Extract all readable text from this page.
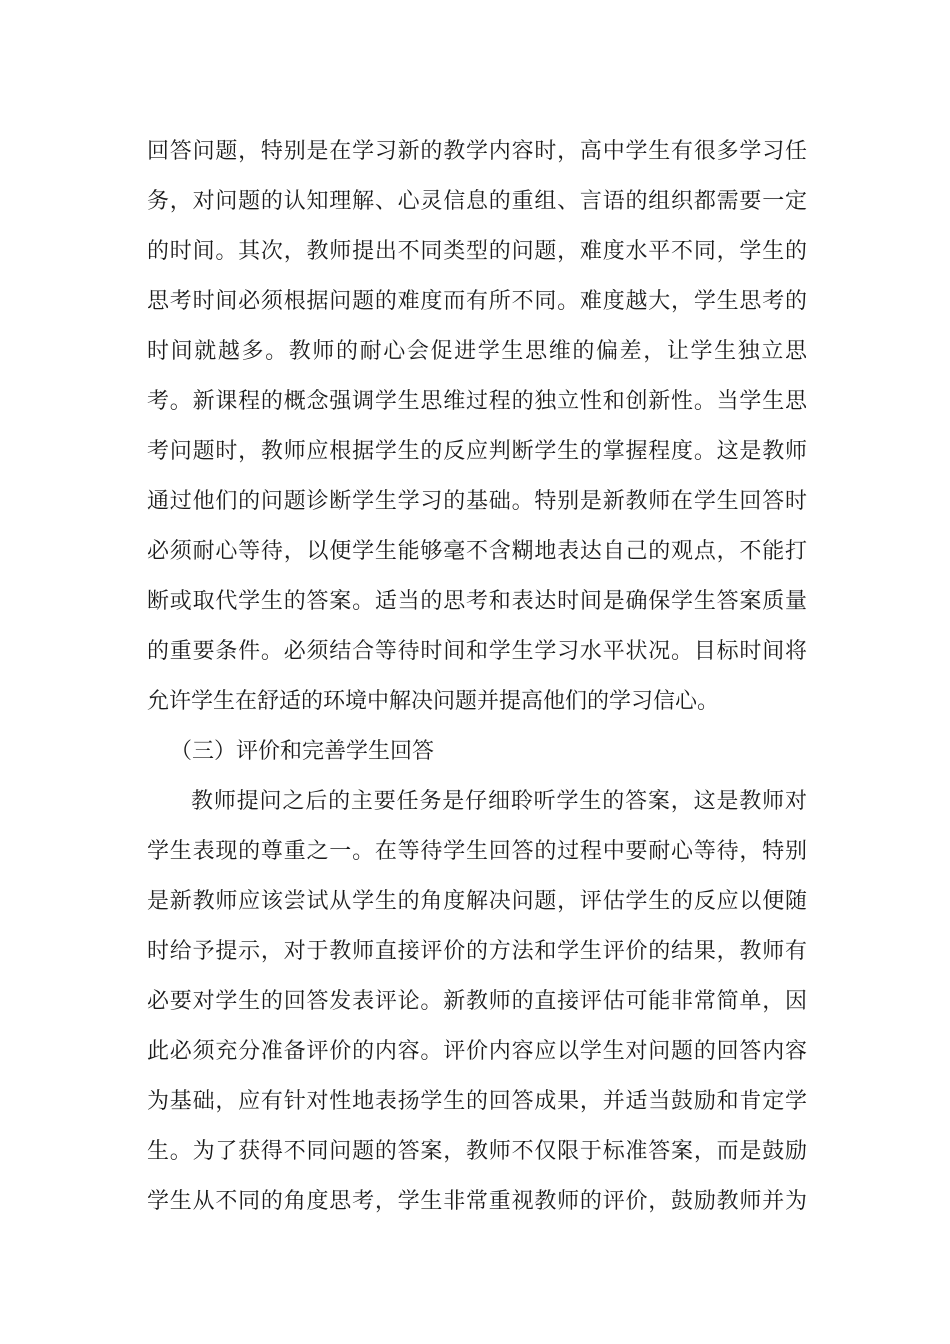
回答问题，特别是在学习新的教学内容时，高中学生有很多学习任
务，对问题的认知理解、心灵信息的重组、言语的组织都需要一定
的时间。其次，教师提出不同类型的问题，难度水平不同，学生的
思考时间必须根据问题的难度而有所不同。难度越大，学生思考的
时间就越多。教师的耐心会促进学生思维的偏差，让学生独立思
考。新课程的概念强调学生思维过程的独立性和创新性。当学生思
考问题时，教师应根据学生的反应判断学生的掌握程度。这是教师
通过他们的问题诊断学生学习的基础。特别是新教师在学生回答时
必须耐心等待，以便学生能够毫不含糊地表达自己的观点，不能打
断或取代学生的答案。适当的思考和表达时间是确保学生答案质量
的重要条件。必须结合等待时间和学生学习水平状况。目标时间将
允许学生在舒适的环境中解决问题并提高他们的学习信心。
（三）评价和完善学生回答
教师提问之后的主要任务是仔细聆听学生的答案，这是教师对
学生表现的尊重之一。在等待学生回答的过程中要耐心等待，特别
是新教师应该尝试从学生的角度解决问题，评估学生的反应以便随
时给予提示，对于教师直接评价的方法和学生评价的结果，教师有
必要对学生的回答发表评论。新教师的直接评估可能非常简单，因
此必须充分准备评价的内容。评价内容应以学生对问题的回答内容
为基础，应有针对性地表扬学生的回答成果，并适当鼓励和肯定学
生。为了获得不同问题的答案，教师不仅限于标准答案，而是鼓励
学生从不同的角度思考，学生非常重视教师的评价，鼓励教师并为
